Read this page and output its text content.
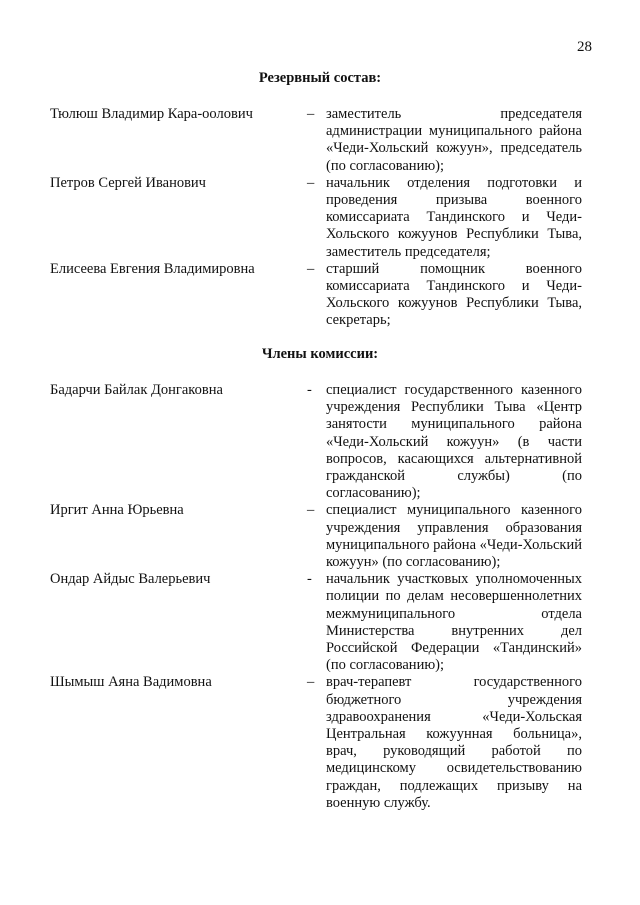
28
Резервный состав:
Тюлюш Владимир Кара-оолович	– заместитель председателя администрации муниципального района «Чеди-Хольский кожуун», председатель (по согласованию);
Петров Сергей Иванович	– начальник отделения подготовки и проведения призыва военного комиссариата Тандинского и Чеди-Хольского кожуунов Республики Тыва, заместитель председателя;
Елисеева Евгения Владимировна	– старший помощник военного комиссариата Тандинского и Чеди-Хольского кожуунов Республики Тыва, секретарь;
Члены комиссии:
Бадарчи Байлак Донгаковна	- специалист государственного казенного учреждения Республики Тыва «Центр занятости муниципального района «Чеди-Хольский кожуун» (в части вопросов, касающихся альтернативной гражданской службы) (по согласованию);
Иргит Анна Юрьевна	– специалист муниципального казенного учреждения управления образования муниципального района «Чеди-Хольский кожуун» (по согласованию);
Ондар Айдыс Валерьевич	- начальник участковых уполномоченных полиции по делам несовершеннолетних межмуниципального отдела Министерства внутренних дел Российской Федерации «Тандинский» (по согласованию);
Шымыш Аяна Вадимовна	– врач-терапевт государственного бюджетного учреждения здравоохранения «Чеди-Хольская Центральная кожуунная больница», врач, руководящий работой по медицинскому освидетельствованию граждан, подлежащих призыву на военную службу.
